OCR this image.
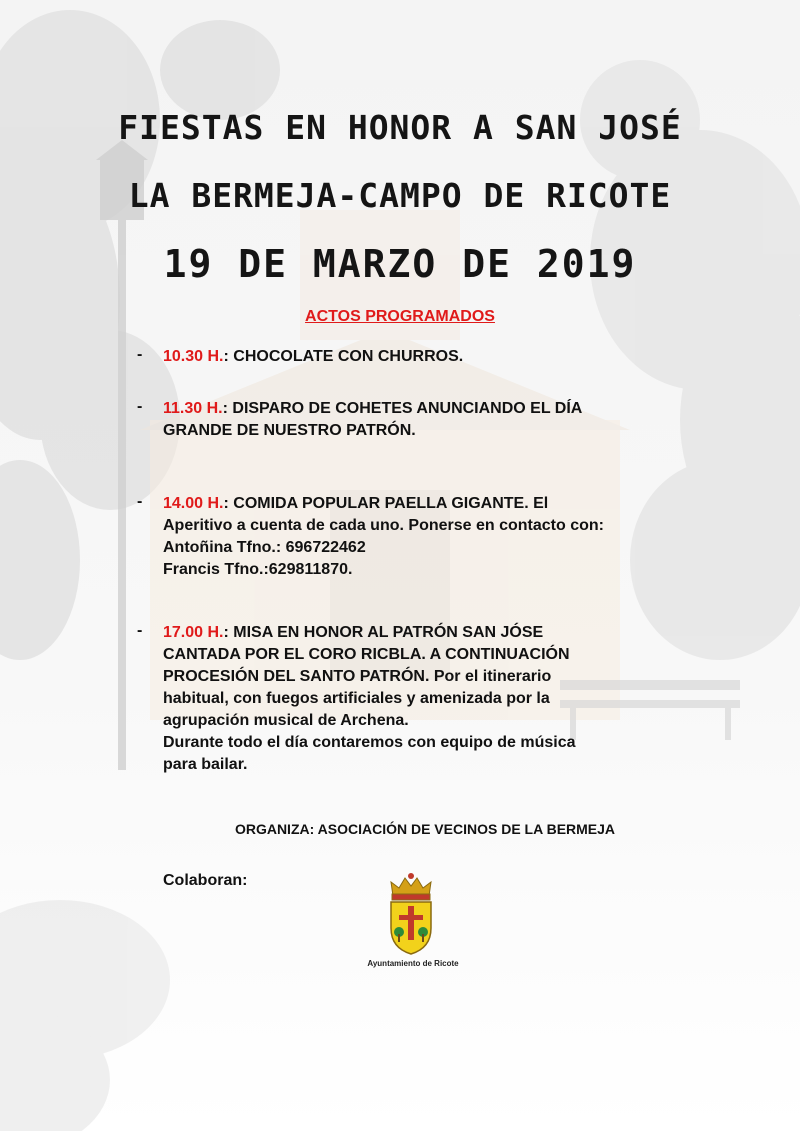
FIESTAS EN HONOR A SAN JOSÉ
LA BERMEJA-CAMPO DE RICOTE
19 DE MARZO DE 2019
ACTOS PROGRAMADOS
- 10.30 H.: CHOCOLATE CON CHURROS.
- 11.30 H.: DISPARO DE COHETES ANUNCIANDO EL DÍA
GRANDE DE NUESTRO PATRÓN.
- 14.00 H.: COMIDA POPULAR PAELLA GIGANTE. El
Aperitivo a cuenta de cada uno. Ponerse en contacto con:
Antoñina Tfno.: 696722462
Francis Tfno.:629811870.
- 17.00 H.: MISA EN HONOR AL PATRÓN SAN JÓSE
CANTADA POR EL CORO RICBLA. A CONTINUACIÓN
PROCESIÓN DEL SANTO PATRÓN. Por el itinerario
habitual, con fuegos artificiales y amenizada por la
agrupación musical de Archena.
Durante todo el día contaremos con equipo de música
para bailar.
ORGANIZA: ASOCIACIÓN DE VECINOS DE LA BERMEJA
Colaboran:
Ayuntamiento de Ricote
